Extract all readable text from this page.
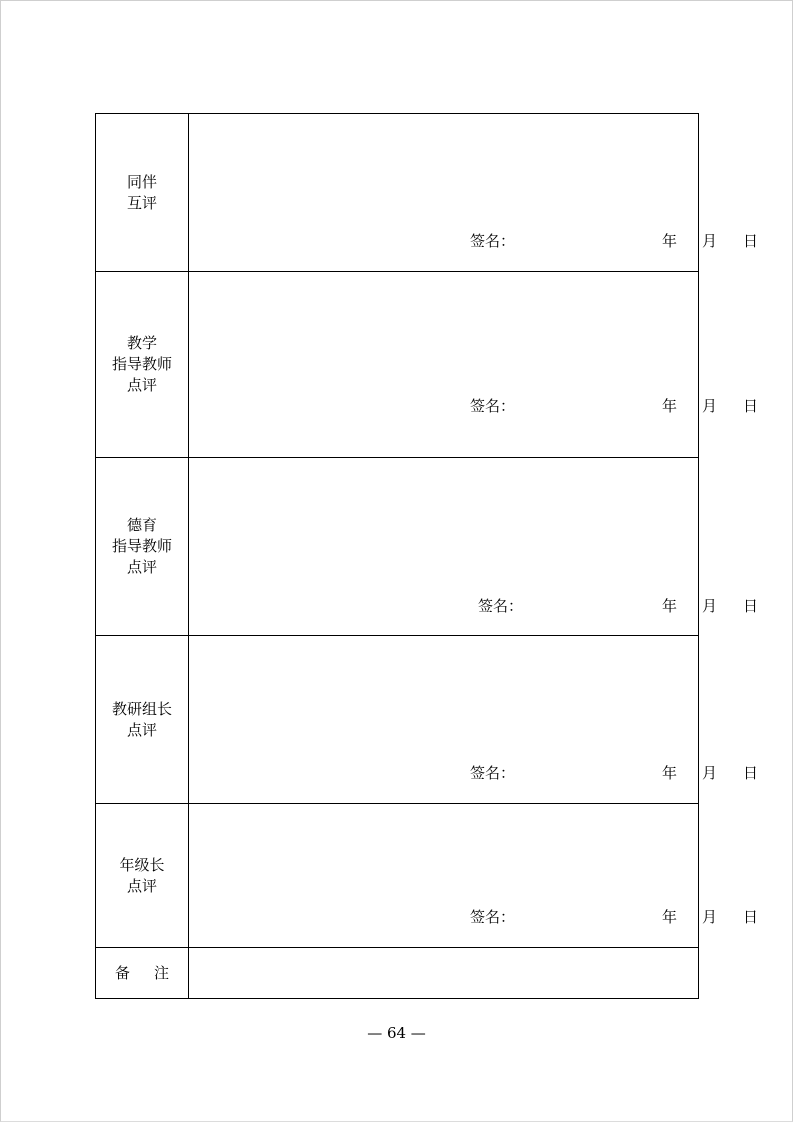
同伴
互评	签名： 年 月 日

教学
指导教师
点评	签名： 年 月 日

德育
指导教师
点评	签名： 年 月 日

教研组长
点评	签名： 年 月 日

年级长
点评	签名： 年 月 日

备 注	
— 64 —
